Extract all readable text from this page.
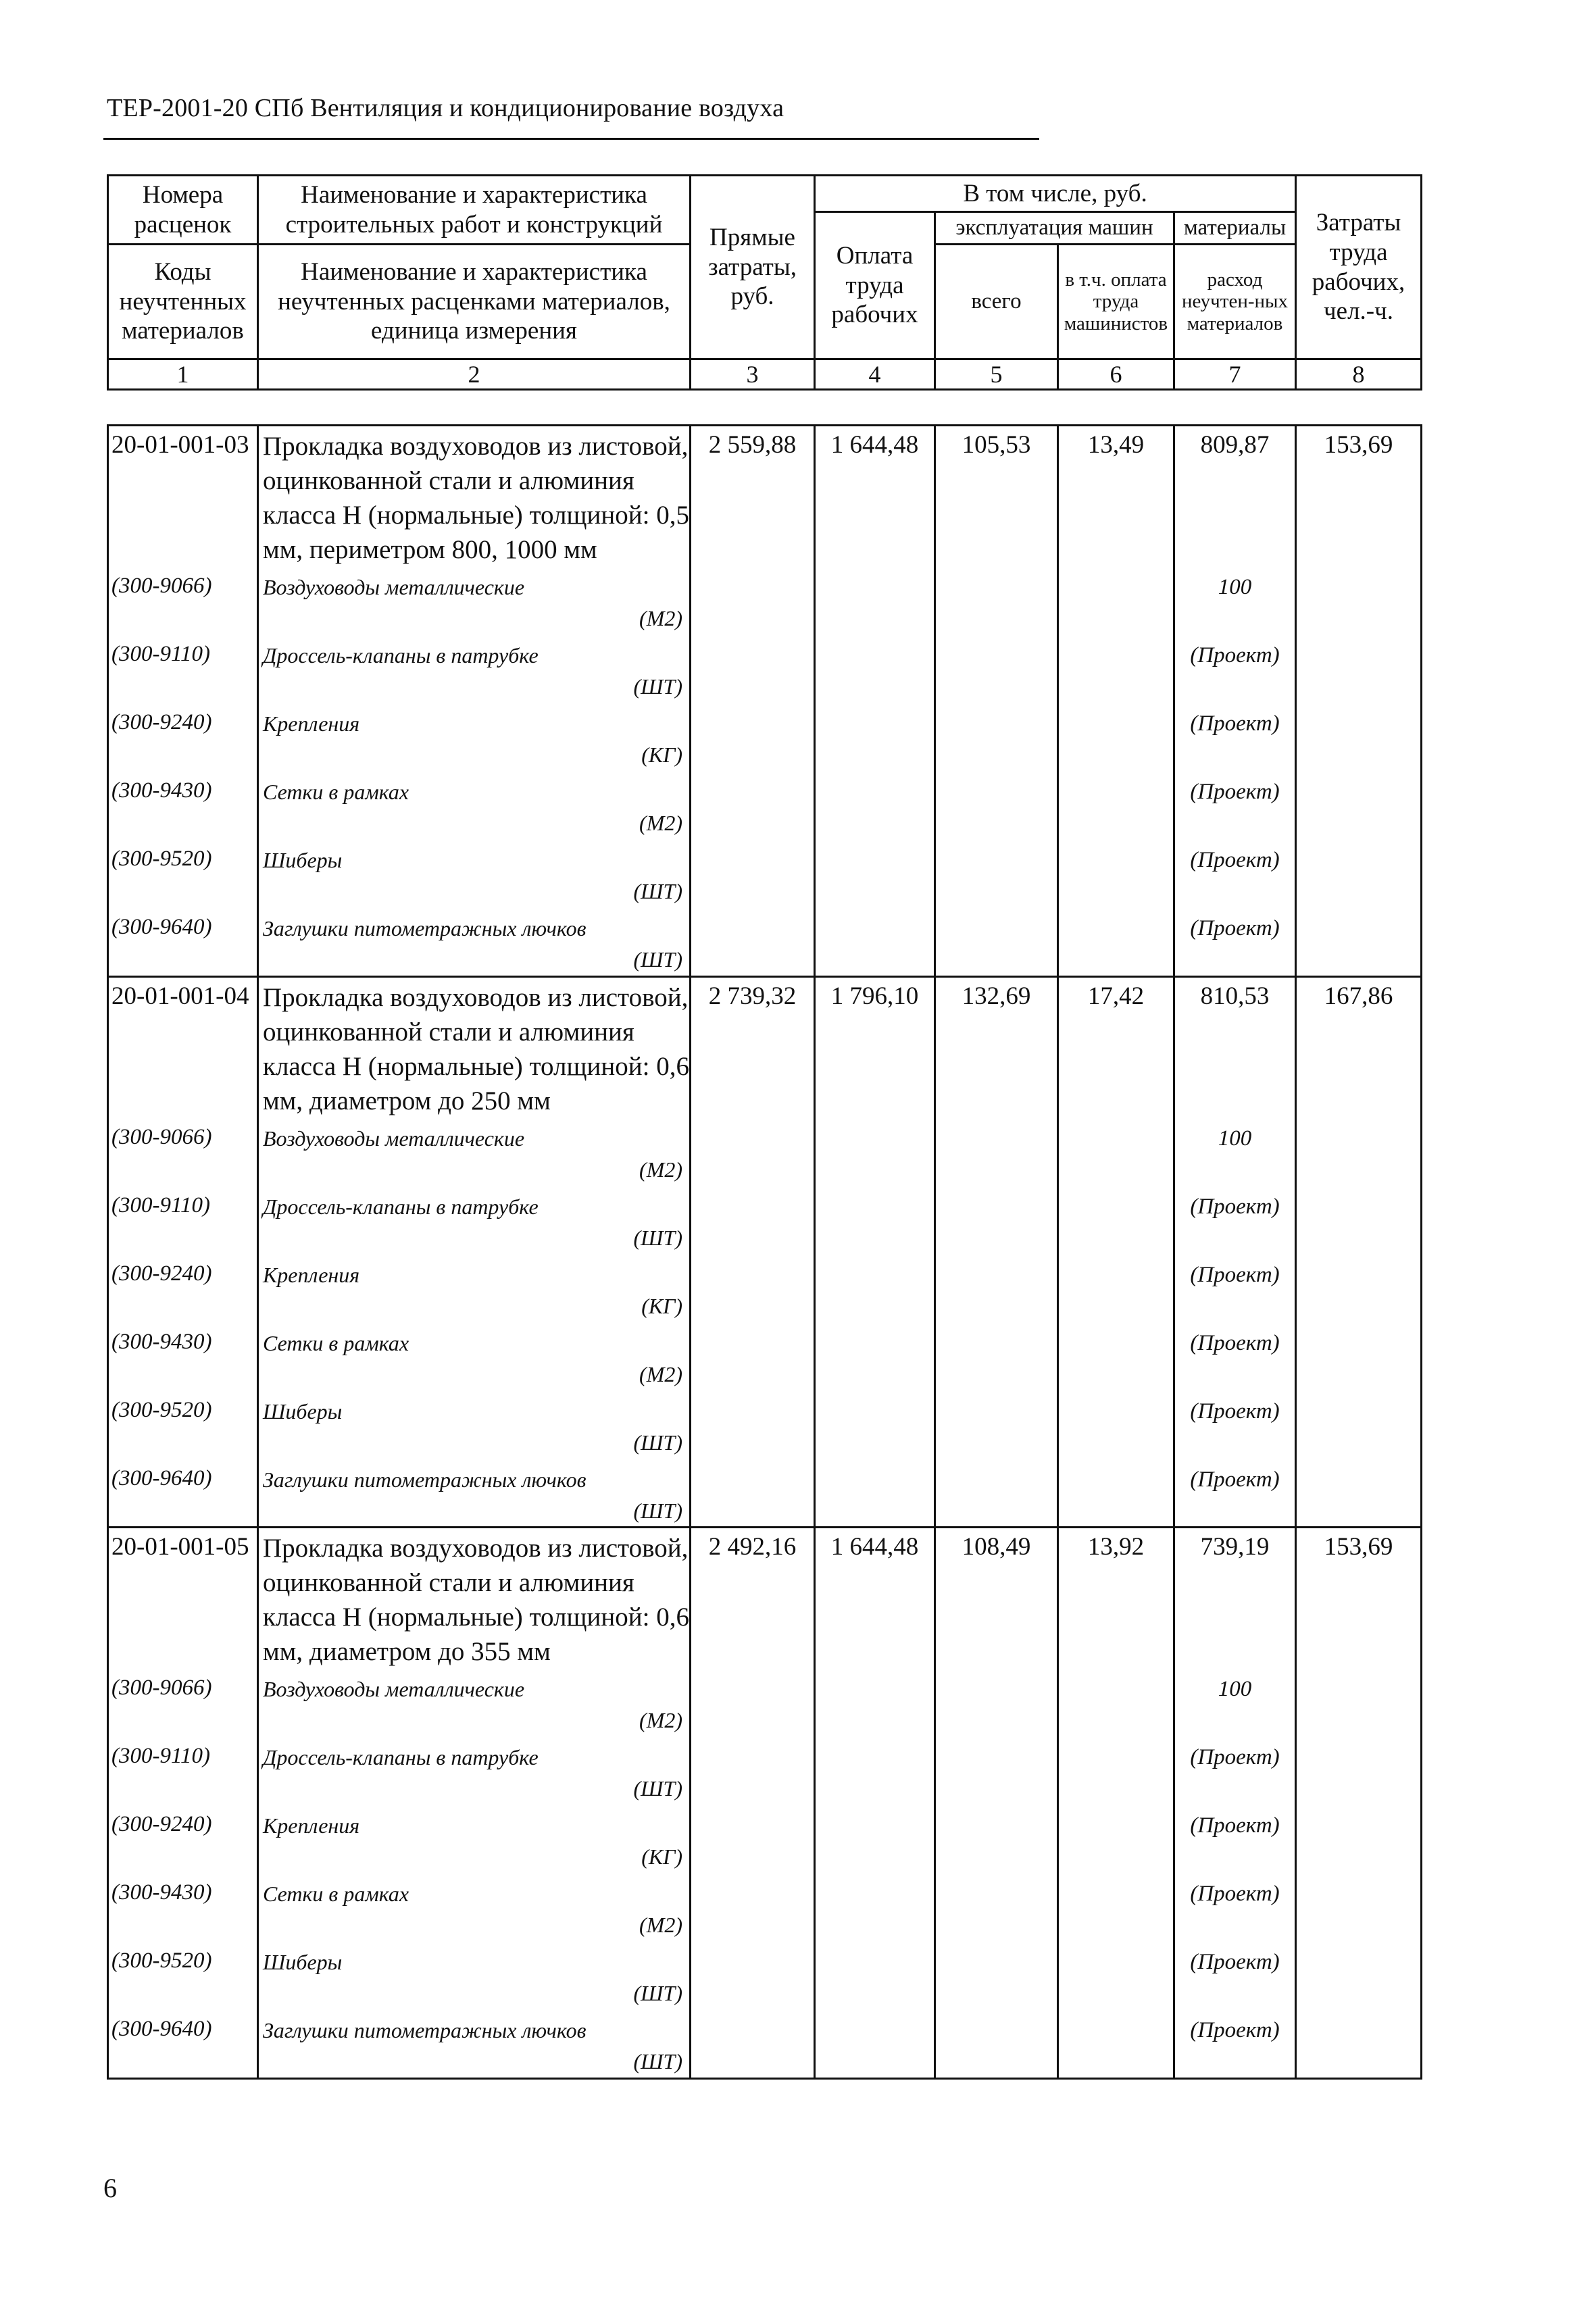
ТЕР-2001-20 СПб Вентиляция и кондиционирование воздуха
Номера расценок	Наименование и характеристика строительных работ и конструкций	Прямые затраты, руб.	В том числе, руб.				Затраты труда рабочих, чел.-ч.
			Оплата труда рабочих	эксплуатация машин		материалы	
Коды неучтенных материалов	Наименование и характеристика неучтенных расценками материалов, единица измерения			всего	в т.ч. оплата труда машинистов	расход неучтен-ных материалов	
1	2	3	4	5	6	7	8
20-01-001-03	Прокладка воздуховодов из листовой, оцинкованной стали и алюминия класса Н (нормальные) толщиной: 0,5 мм, периметром 800, 1000 мм	2 559,88	1 644,48	105,53	13,49	809,87	153,69
(300-9066)	Воздуховоды металлические
(М2)					100	
(300-9110)	Дроссель-клапаны в патрубке
(ШТ)					(Проект)	
(300-9240)	Крепления
(КГ)					(Проект)	
(300-9430)	Сетки в рамках
(М2)					(Проект)	
(300-9520)	Шиберы
(ШТ)					(Проект)	
(300-9640)	Заглушки питометражных лючков
(ШТ)					(Проект)	
20-01-001-04	Прокладка воздуховодов из листовой, оцинкованной стали и алюминия класса Н (нормальные) толщиной: 0,6 мм, диаметром до 250 мм	2 739,32	1 796,10	132,69	17,42	810,53	167,86
(300-9066)	Воздуховоды металлические
(М2)					100	
(300-9110)	Дроссель-клапаны в патрубке
(ШТ)					(Проект)	
(300-9240)	Крепления
(КГ)					(Проект)	
(300-9430)	Сетки в рамках
(М2)					(Проект)	
(300-9520)	Шиберы
(ШТ)					(Проект)	
(300-9640)	Заглушки питометражных лючков
(ШТ)					(Проект)	
20-01-001-05	Прокладка воздуховодов из листовой, оцинкованной стали и алюминия класса Н (нормальные) толщиной: 0,6 мм, диаметром до 355 мм	2 492,16	1 644,48	108,49	13,92	739,19	153,69
(300-9066)	Воздуховоды металлические
(М2)					100	
(300-9110)	Дроссель-клапаны в патрубке
(ШТ)					(Проект)	
(300-9240)	Крепления
(КГ)					(Проект)	
(300-9430)	Сетки в рамках
(М2)					(Проект)	
(300-9520)	Шиберы
(ШТ)					(Проект)	
(300-9640)	Заглушки питометражных лючков
(ШТ)					(Проект)	
6
